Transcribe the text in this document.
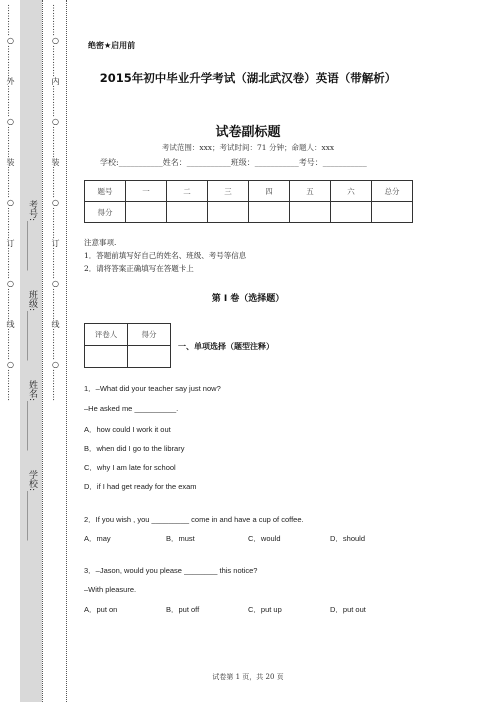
…………○…………外…………○…………装…………○…………订…………○…………线…………○…………	…………○…………内…………○…………装…………○…………订…………○…………线…………○…………
学校:___________
姓名:___________
班级:___________
考号:___________
绝密★启用前
2015年初中毕业升学考试（湖北武汉卷）英语（带解析）
试卷副标题
考试范围：xxx；考试时间：71 分钟；命题人：xxx
学校:___________姓名：___________班级：___________考号：___________
题号	一	二	三	四	五	六	总分
得分							
注意事项.
1．答题前填写好自己的姓名、班级、考号等信息
2．请将答案正确填写在答题卡上
第 I 卷（选择题）
评卷人	得分

一、单项选择（题型注释）
1．–What did your teacher say just now?
–He asked me __________.
A．how could I work it out
B．when did I go to the library
C．why I am late for school
D．if I had get ready for the exam
2．If you wish , you _________ come in and have a cup of coffee.
A．may	B．must	C．would	D．should
3．–Jason, would you please ________ this notice?
–With pleasure.
A．put on	B．put off	C．put up	D．put out
试卷第 1 页，共 20 页
